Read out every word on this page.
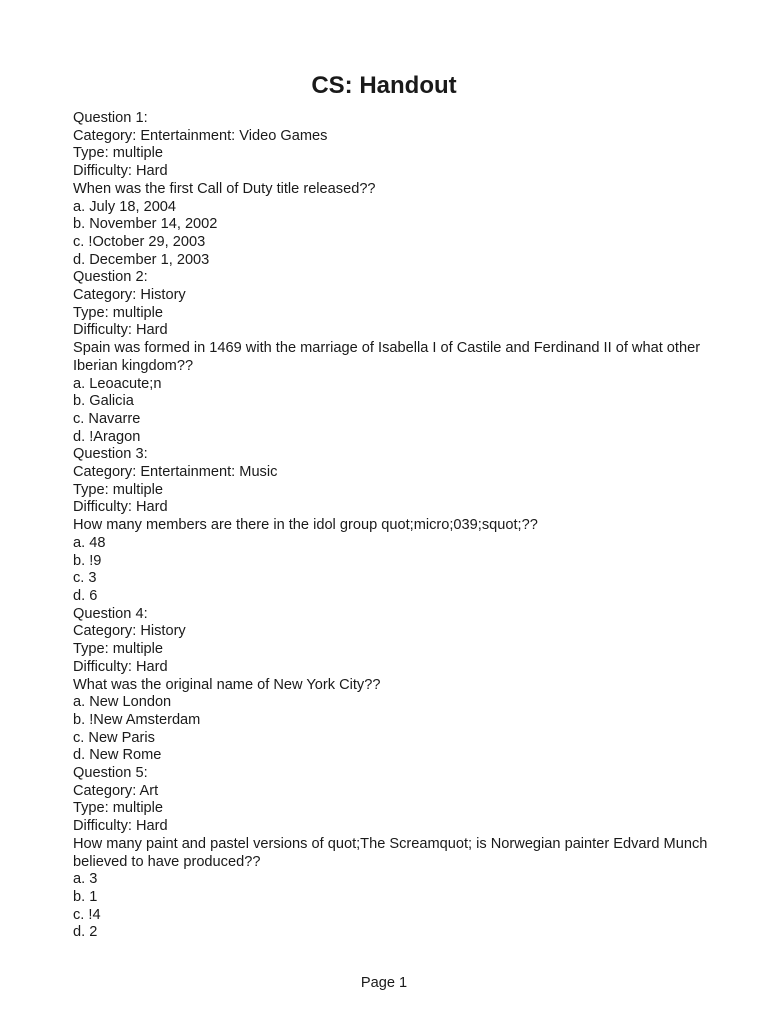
CS: Handout
Question 1:
Category: Entertainment: Video Games
Type: multiple
Difficulty: Hard
When was the first Call of Duty title released??
a. July 18, 2004
b. November 14, 2002
c. !October 29, 2003
d. December 1, 2003
Question 2:
Category: History
Type: multiple
Difficulty: Hard
Spain was formed in 1469 with the marriage of Isabella I of Castile and Ferdinand II of what other Iberian kingdom??
a. Leoacute;n
b. Galicia
c. Navarre
d. !Aragon
Question 3:
Category: Entertainment: Music
Type: multiple
Difficulty: Hard
How many members are there in the idol group quot;micro;039;squot;??
a. 48
b. !9
c. 3
d. 6
Question 4:
Category: History
Type: multiple
Difficulty: Hard
What was the original name of New York City??
a. New London
b. !New Amsterdam
c. New Paris
d. New Rome
Question 5:
Category: Art
Type: multiple
Difficulty: Hard
How many paint and pastel versions of quot;The Screamquot; is Norwegian painter Edvard Munch believed to have produced??
a. 3
b. 1
c. !4
d. 2
Page 1
